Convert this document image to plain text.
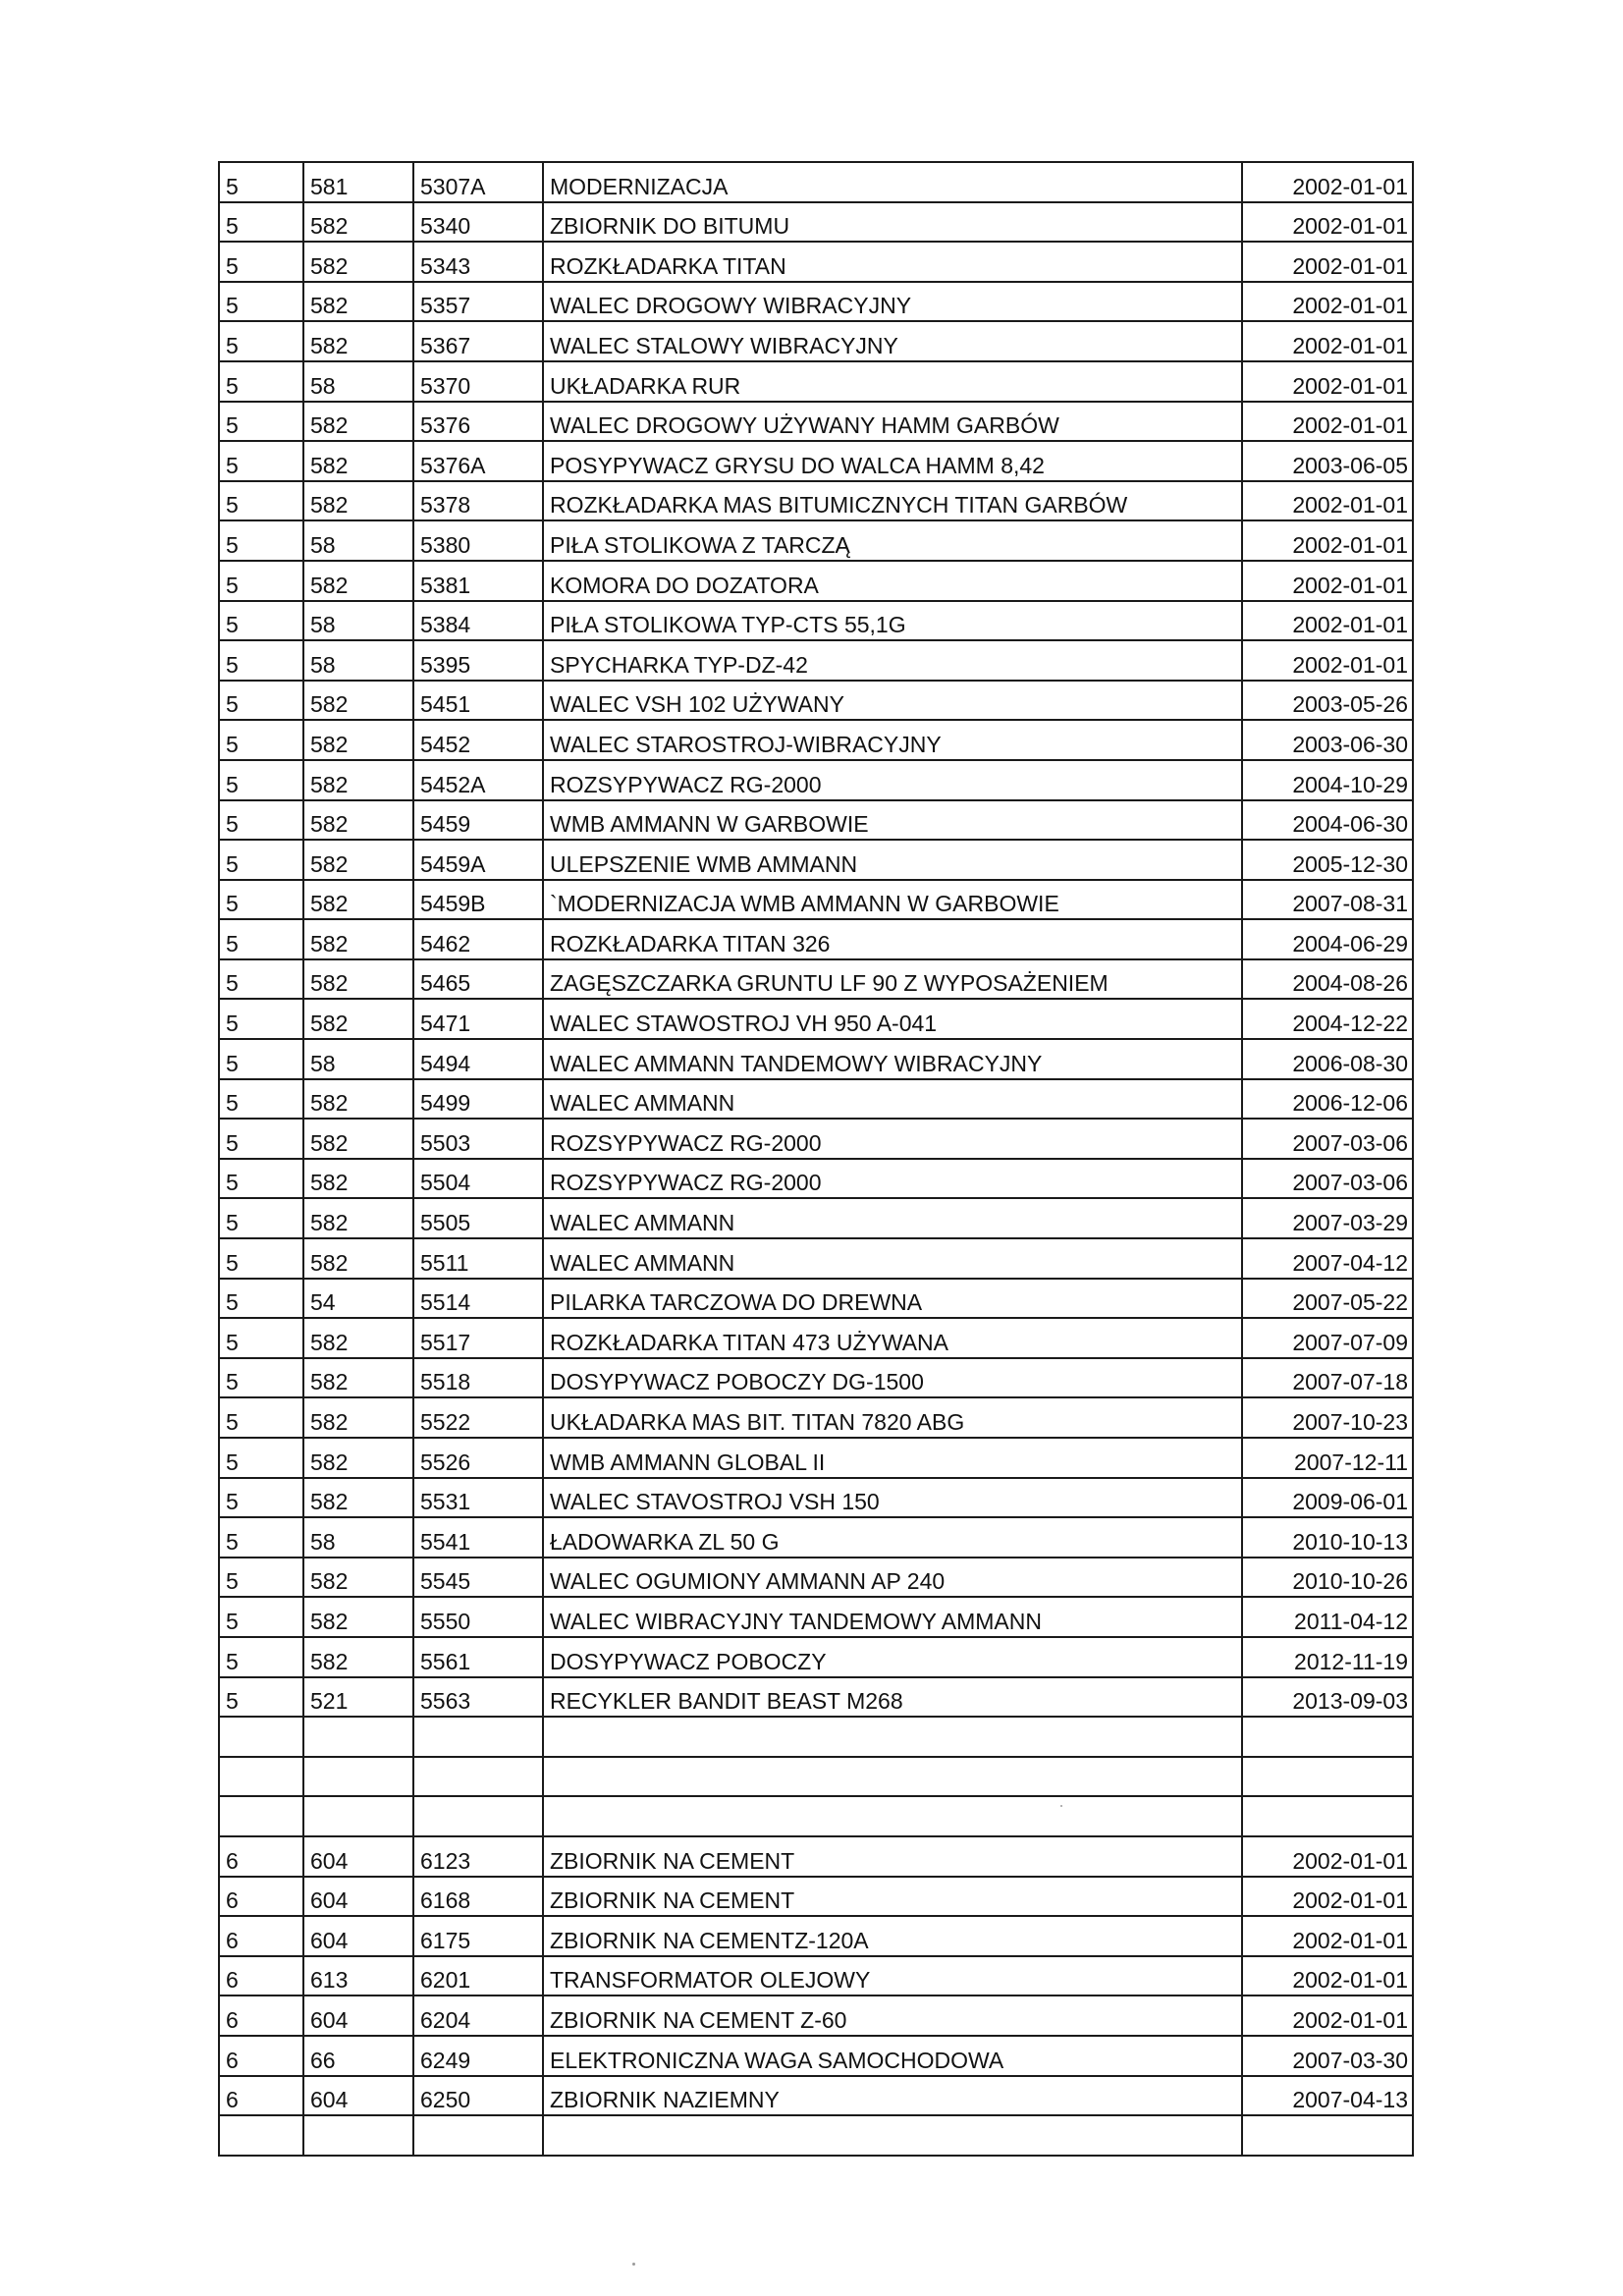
5	581	5307A	MODERNIZACJA	2002-01-01
5	582	5340	ZBIORNIK DO BITUMU	2002-01-01
5	582	5343	ROZKŁADARKA TITAN	2002-01-01
5	582	5357	WALEC DROGOWY WIBRACYJNY	2002-01-01
5	582	5367	WALEC STALOWY WIBRACYJNY	2002-01-01
5	58	5370	UKŁADARKA RUR	2002-01-01
5	582	5376	WALEC DROGOWY UŻYWANY HAMM GARBÓW	2002-01-01
5	582	5376A	POSYPYWACZ GRYSU DO WALCA HAMM 8,42	2003-06-05
5	582	5378	ROZKŁADARKA MAS BITUMICZNYCH TITAN GARBÓW	2002-01-01
5	58	5380	PIŁA STOLIKOWA Z TARCZĄ	2002-01-01
5	582	5381	KOMORA DO DOZATORA	2002-01-01
5	58	5384	PIŁA STOLIKOWA TYP-CTS 55,1G	2002-01-01
5	58	5395	SPYCHARKA TYP-DZ-42	2002-01-01
5	582	5451	WALEC VSH 102 UŻYWANY	2003-05-26
5	582	5452	WALEC STAROSTROJ-WIBRACYJNY	2003-06-30
5	582	5452A	ROZSYPYWACZ RG-2000	2004-10-29
5	582	5459	WMB AMMANN W GARBOWIE	2004-06-30
5	582	5459A	ULEPSZENIE WMB AMMANN	2005-12-30
5	582	5459B	`MODERNIZACJA WMB AMMANN W GARBOWIE	2007-08-31
5	582	5462	ROZKŁADARKA TITAN 326	2004-06-29
5	582	5465	ZAGĘSZCZARKA GRUNTU LF 90 Z WYPOSAŻENIEM	2004-08-26
5	582	5471	WALEC STAWOSTROJ VH 950 A-041	2004-12-22
5	58	5494	WALEC AMMANN TANDEMOWY WIBRACYJNY	2006-08-30
5	582	5499	WALEC AMMANN	2006-12-06
5	582	5503	ROZSYPYWACZ RG-2000	2007-03-06
5	582	5504	ROZSYPYWACZ RG-2000	2007-03-06
5	582	5505	WALEC AMMANN	2007-03-29
5	582	5511	WALEC AMMANN	2007-04-12
5	54	5514	PILARKA TARCZOWA DO DREWNA	2007-05-22
5	582	5517	ROZKŁADARKA TITAN 473 UŻYWANA	2007-07-09
5	582	5518	DOSYPYWACZ POBOCZY DG-1500	2007-07-18
5	582	5522	UKŁADARKA MAS BIT. TITAN 7820 ABG	2007-10-23
5	582	5526	WMB AMMANN GLOBAL II	2007-12-11
5	582	5531	WALEC STAVOSTROJ VSH 150	2009-06-01
5	58	5541	ŁADOWARKA ZL 50 G	2010-10-13
5	582	5545	WALEC OGUMIONY AMMANN AP 240	2010-10-26
5	582	5550	WALEC WIBRACYJNY TANDEMOWY AMMANN	2011-04-12
5	582	5561	DOSYPYWACZ POBOCZY	2012-11-19
5	521	5563	RECYKLER BANDIT BEAST M268	2013-09-03

6	604	6123	ZBIORNIK NA CEMENT	2002-01-01
6	604	6168	ZBIORNIK NA CEMENT	2002-01-01
6	604	6175	ZBIORNIK NA CEMENTZ-120A	2002-01-01
6	613	6201	TRANSFORMATOR OLEJOWY	2002-01-01
6	604	6204	ZBIORNIK NA CEMENT Z-60	2002-01-01
6	66	6249	ELEKTRONICZNA WAGA SAMOCHODOWA	2007-03-30
6	604	6250	ZBIORNIK NAZIEMNY	2007-04-13
